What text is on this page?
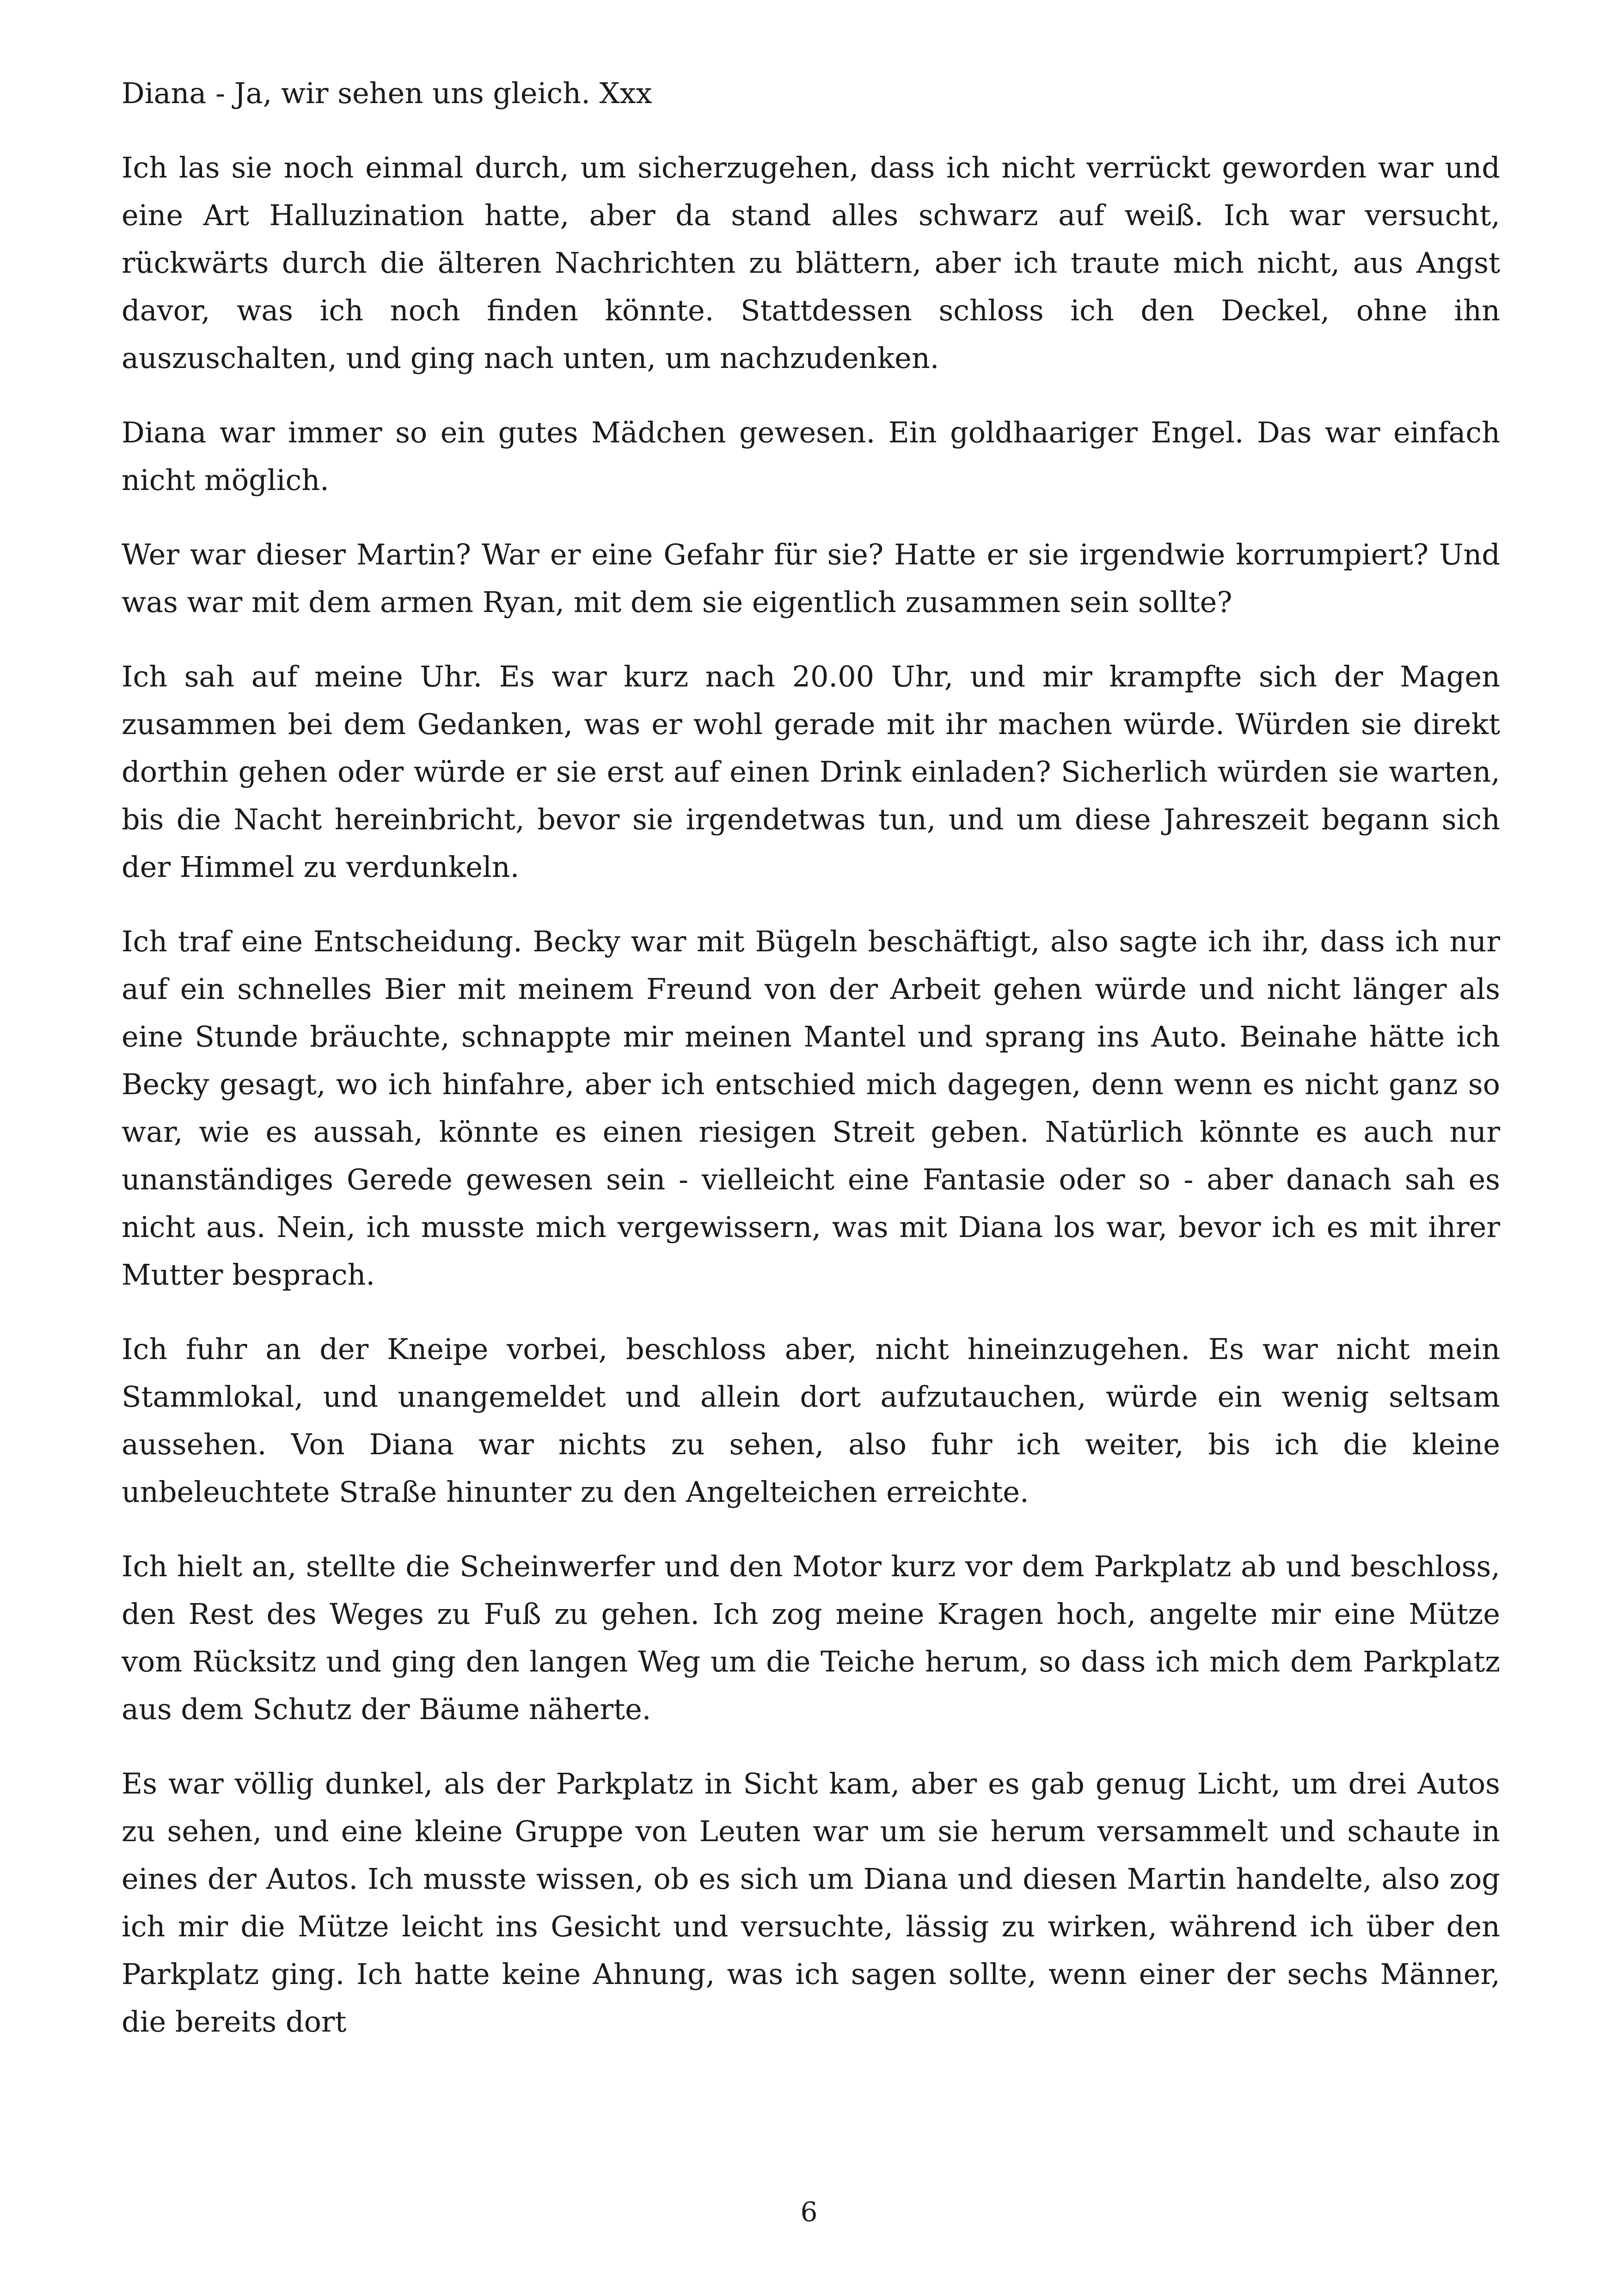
Diana - Ja, wir sehen uns gleich. Xxx

Ich las sie noch einmal durch, um sicherzugehen, dass ich nicht verrückt geworden war und eine Art Halluzination hatte, aber da stand alles schwarz auf weiß. Ich war versucht, rückwärts durch die älteren Nachrichten zu blättern, aber ich traute mich nicht, aus Angst davor, was ich noch finden könnte. Stattdessen schloss ich den Deckel, ohne ihn auszuschalten, und ging nach unten, um nachzudenken.

Diana war immer so ein gutes Mädchen gewesen. Ein goldhaariger Engel. Das war einfach nicht möglich.

Wer war dieser Martin? War er eine Gefahr für sie? Hatte er sie irgendwie korrumpiert? Und was war mit dem armen Ryan, mit dem sie eigentlich zusammen sein sollte?

Ich sah auf meine Uhr. Es war kurz nach 20.00 Uhr, und mir krampfte sich der Magen zusammen bei dem Gedanken, was er wohl gerade mit ihr machen würde. Würden sie direkt dorthin gehen oder würde er sie erst auf einen Drink einladen? Sicherlich würden sie warten, bis die Nacht hereinbricht, bevor sie irgendetwas tun, und um diese Jahreszeit begann sich der Himmel zu verdunkeln.

Ich traf eine Entscheidung. Becky war mit Bügeln beschäftigt, also sagte ich ihr, dass ich nur auf ein schnelles Bier mit meinem Freund von der Arbeit gehen würde und nicht länger als eine Stunde bräuchte, schnappte mir meinen Mantel und sprang ins Auto. Beinahe hätte ich Becky gesagt, wo ich hinfahre, aber ich entschied mich dagegen, denn wenn es nicht ganz so war, wie es aussah, könnte es einen riesigen Streit geben. Natürlich könnte es auch nur unanständiges Gerede gewesen sein - vielleicht eine Fantasie oder so - aber danach sah es nicht aus. Nein, ich musste mich vergewissern, was mit Diana los war, bevor ich es mit ihrer Mutter besprach.

Ich fuhr an der Kneipe vorbei, beschloss aber, nicht hineinzugehen. Es war nicht mein Stammlokal, und unangemeldet und allein dort aufzutauchen, würde ein wenig seltsam aussehen. Von Diana war nichts zu sehen, also fuhr ich weiter, bis ich die kleine unbeleuchtete Straße hinunter zu den Angelteichen erreichte.

Ich hielt an, stellte die Scheinwerfer und den Motor kurz vor dem Parkplatz ab und beschloss, den Rest des Weges zu Fuß zu gehen. Ich zog meine Kragen hoch, angelte mir eine Mütze vom Rücksitz und ging den langen Weg um die Teiche herum, so dass ich mich dem Parkplatz aus dem Schutz der Bäume näherte.

Es war völlig dunkel, als der Parkplatz in Sicht kam, aber es gab genug Licht, um drei Autos zu sehen, und eine kleine Gruppe von Leuten war um sie herum versammelt und schaute in eines der Autos. Ich musste wissen, ob es sich um Diana und diesen Martin handelte, also zog ich mir die Mütze leicht ins Gesicht und versuchte, lässig zu wirken, während ich über den Parkplatz ging. Ich hatte keine Ahnung, was ich sagen sollte, wenn einer der sechs Männer, die bereits dort

6
